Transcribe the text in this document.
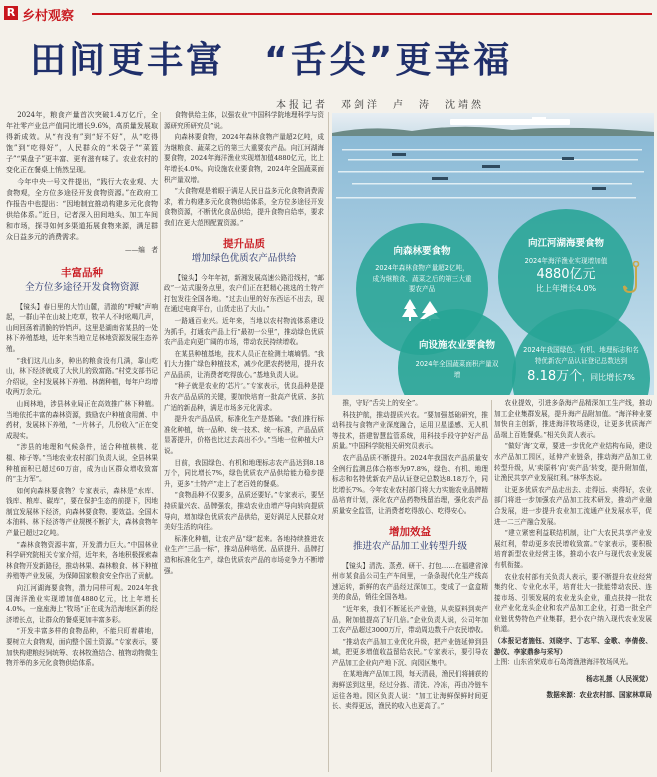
R 乡村观察
田间更丰富　“舌尖”更幸福
本报记者　邓剑洋　卢　涛　沈靖然

2024年，粮食产量首次突破1.4万亿斤，全年社零产业总产值同比增长9.6%，高质量发展取得新成效。从“有没有”到“好不好”，从“吃得饱”到“吃得好”，人民群众的“米袋子”“菜篮子”“果盘子”更丰富、更有滋有味了。农业农村的变化正在餐桌上悄然呈现。

今年中央一号文件提出，“践行大农业观、大食物观，全方位多途径开发食物资源。”在政府工作报告中也提出：“因地制宜推动构建多元化食物供给体系。”近日，记者深入田间地头、加工车间和市场，探寻如何多渠道拓展食物来源，满足群众日益多元的消费需求。

——编　者
丰富品种
全方位多途径开发食物资源

【镜头】春日里的大竹山麓，清澈的“呼喊”声响起，一群山羊在山坡上吃草，牧羊人不时吆喝几声，山间回荡着清脆的铃铛声。这里是湖南省某县的一处林下养殖基地，近年来当地立足林地资源发展生态养殖。

“我们这儿山多，种出的粮食没有几满，靠山吃山，林下经济就成了大伙儿的致富路。”村党支部书记介绍说，全村发展林下养殖、林菌种植，每年户均增收两万余元。

山间林地，涉县林业局正在高效推广林下种植。当地依托丰富的森林资源，鼓励农户种植食用菌、中药材，发展林下养殖，“一片林子，几份收入”正在变成现实。

“涉县的地理和气候条件，适合种植核桃、花椒、柿子等。”当地农业农村部门负责人说，全县林果种植面积已超过60万亩，成为山区群众增收致富的“主力军”。

如何向森林要食物？专家表示，森林是“水库、钱库、粮库、碳库”，要在保护生态的前提下，因地制宜发展林下经济，向森林要食物、要效益。全国木本油料、林下经济等产业规模不断扩大，森林食物年产量已超过2亿吨。

“森林食物资源丰富，开发潜力巨大。”中国林业科学研究院相关专家介绍，近年来，各地积极探索森林食物开发新路径，推动林果、森林粮食、林下种植养殖等产业发展，为保障国家粮食安全作出了贡献。

向江河湖海要食物，潜力同样可观。2024年我国海洋渔业实现增加值4880亿元，比上年增长4.0%。一座座海上“牧场”正在成为沿海地区新的经济增长点，让群众的餐桌更加丰富多彩。

“开发丰富多样的食物品种，不能只盯着耕地，要树立大食物观，面向整个国土资源。”专家表示，要加快构建粮经饲统筹、农林牧渔结合、植物动物微生物并举的多元化食物供给体系。

食物供给主体，以强农业“中国科学院地理科学与资源研究所研究员”说。

向森林要食物，2024年森林食物产量超2亿吨，成为继粮食、蔬菜之后的第三大重要农产品。向江河湖海要食物，2024年海洋渔业实现增加值4880亿元，比上年增长4.0%。向设施农业要食物，2024年全国蔬菜面积产量双增。

“大食物观是着眼于满足人民日益多元化食物消费需求，着力构建多元化食物供给体系，全方位多途径开发食物资源，不断优化食品供给，提升食物自给率，要求我们在更大范围配置资源。”

提升品质
增加绿色优质农产品供给

【镜头】今年年初，新湘发展高速公路沿线村，“邮政”一站式服务点里，农户们正在把精心挑选的土特产打包发往全国各地。“过去山里的好东西运不出去，现在通过电商平台，山货走出了大山。”

一路通百业兴。近年来，当地以农村物流体系建设为抓手，打通农产品上行“最初一公里”，推动绿色优质农产品走向更广阔的市场，带动农民持续增收。

在某县种植基地，技术人员正在检测土壤墒情。“我们大力推广绿色种植技术，减少化肥农药使用，提升农产品品质，让消费者吃得放心。”基地负责人说。

“种子就是农业的‘芯片’。”专家表示，优良品种是提升农产品品质的关键，要加快培育一批高产优质、多抗广适的新品种，满足市场多元化需求。

提升农产品品质，标准化生产是基础。“我们推行标准化种植，统一品种、统一技术、统一标准，产品品质显著提升，价格也比过去高出不少。”当地一位种植大户说。

目前，我国绿色、有机和地理标志农产品达到8.18万个，同比增长7%，绿色优质农产品供给能力稳步提升，更多“土特产”走上了老百姓的餐桌。

“食物品种不仅要多，品质还要好。”专家表示，要坚持质量兴农、品牌强农，推动农业由增产导向转向提质导向，增加绿色优质农产品供给，更好满足人民群众对美好生活的向往。

标准化种植，让农产品“绿”起来。各地持续推进农业生产“三品一标”，推动品种培优、品质提升、品牌打造和标准化生产，绿色优质农产品的市场竞争力不断增强。

向森林要食物
2024年森林食物产量超2亿吨，成为继粮食、蔬菜之后的第三大重要农产品
向江河湖海要食物
2024年海洋渔业实现增加值
4880亿元
比上年增长4.0%
向设施农业要食物
2024年全国蔬菜面积产量双增
2024年我国绿色、有机、地理标志和名特优新农产品认证登记总数达到
8.18万个，同比增长7%

推，守好“舌尖上的安全”。

科技护航，推动提质兴农。“要加强基础研究，推动科技与食物产业深度融合，运用卫星遥感、无人机等技术，搭建智慧监管系统，用科技手段守护好产品质量。”中国科学院相关研究员表示。

农产品品质不断提升。2024年我国农产品质量安全例行监测总体合格率为97.8%，绿色、有机、地理标志和名特优新农产品认证登记总数达8.18万个，同比增长7%。今年农业农村部门将大力实施农业品牌精品培育计划，深化农产品药物残留治理，强化农产品质量安全监管，让消费者吃得放心、吃得安心。

增加效益
推进农产品加工业转型升级

【镜头】清洗、蒸煮、研干、打包……在福建省漳州市某食品公司生产车间里，一条条现代化生产线高速运转，新鲜的农产品经过深加工，变成了一盒盒精美的食品，销往全国各地。

“近年来，我们不断延长产业链，从卖原料到卖产品，附加值提高了好几倍。”企业负责人说，公司年加工农产品超过3000万斤，带动周边数千户农民增收。

“推动农产品加工业优化升级，把产业链延伸到县域，把更多增值收益留给农民。”专家表示，要引导农产品加工企业向产地下沉、向园区集中。

在某地海产品加工园，每天清晨，渔民们将捕获的海鲜送到这里，经过分拣、清洗、冷冻，再由冷链车运往各地。园区负责人说：“加工让海鲜保鲜时间更长、卖得更远，渔民的收入也更高了。”

农业提效，引进多条海产品精深加工生产线，推动加工企业集群发展，提升海产品附加值。“海洋种业要加快自主创新，推进海洋牧场建设，让更多优质海产品端上百姓餐桌。”相关负责人表示。

“做好‘海’文章，要进一步优化产业结构布局，建设水产品加工园区，延伸产业链条，推动海产品加工业转型升级，从‘卖原料’向‘卖产品’转变，提升附加值，让渔民共享产业发展红利。”林华杰说。

让更多优质农产品走出去、走得远、卖得好，农业部门将进一步加强农产品加工技术研发，推动产业融合发展，进一步提升农业加工流通产业发展水平，促进一二三产融合发展。

“建立紧密利益联结机制，让广大农民共享产业发展红利，带动更多农民增收致富。”专家表示，要积极培育新型农业经营主体，推动小农户与现代农业发展有机衔接。

农业农村部有关负责人表示，要不断提升农业经营集约化、专业化水平，培育壮大一批能带动农民、连接市场、引领发展的农业龙头企业，重点扶持一批农业产业化龙头企业和农产品加工企业，打造一批全产业链优势特色产业集群，把小农户纳入现代农业发展轨道。

（本报记者施钰、刘晓宇、丁志军、金歌、李倩俊、游仪、李家鼎参与采写）
上图：山东省荣成市石岛湾渔港海洋牧场风光。
杨志礼摄（人民视觉）
数据来源：农业农村部、国家林草局
